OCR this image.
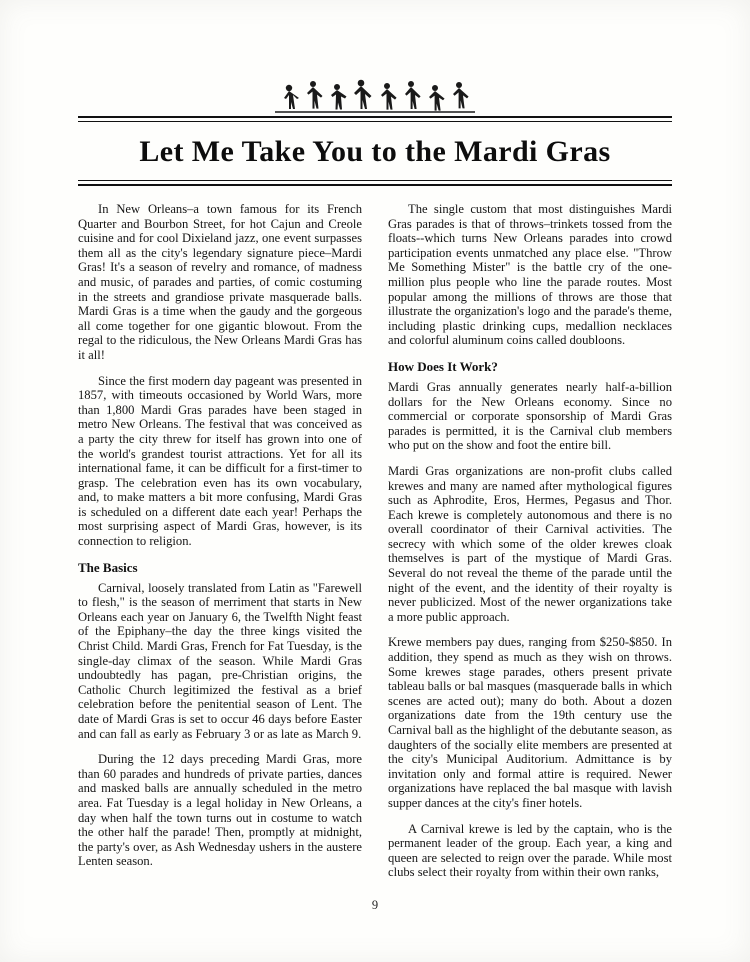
Let Me Take You to the Mardi Gras

In New Orleans–a town famous for its French Quarter and Bourbon Street, for hot Cajun and Creole cuisine and for cool Dixieland jazz, one event surpasses them all as the city's legendary signature piece–Mardi Gras! It's a season of revelry and romance, of madness and music, of parades and parties, of comic costuming in the streets and grandiose private masquerade balls. Mardi Gras is a time when the gaudy and the gorgeous all come together for one gigantic blowout. From the regal to the ridiculous, the New Orleans Mardi Gras has it all!

Since the first modern day pageant was presented in 1857, with timeouts occasioned by World Wars, more than 1,800 Mardi Gras parades have been staged in metro New Orleans. The festival that was conceived as a party the city threw for itself has grown into one of the world's grandest tourist attractions. Yet for all its international fame, it can be difficult for a first-timer to grasp. The celebration even has its own vocabulary, and, to make matters a bit more confusing, Mardi Gras is scheduled on a different date each year! Perhaps the most surprising aspect of Mardi Gras, however, is its connection to religion.

The Basics

Carnival, loosely translated from Latin as "Farewell to flesh," is the season of merriment that starts in New Orleans each year on January 6, the Twelfth Night feast of the Epiphany–the day the three kings visited the Christ Child. Mardi Gras, French for Fat Tuesday, is the single-day climax of the season. While Mardi Gras undoubtedly has pagan, pre-Christian origins, the Catholic Church legitimized the festival as a brief celebration before the penitential season of Lent. The date of Mardi Gras is set to occur 46 days before Easter and can fall as early as February 3 or as late as March 9.

During the 12 days preceding Mardi Gras, more than 60 parades and hundreds of private parties, dances and masked balls are annually scheduled in the metro area. Fat Tuesday is a legal holiday in New Orleans, a day when half the town turns out in costume to watch the other half the parade! Then, promptly at midnight, the party's over, as Ash Wednesday ushers in the austere Lenten season.

The single custom that most distinguishes Mardi Gras parades is that of throws–trinkets tossed from the floats--which turns New Orleans parades into crowd participation events unmatched any place else. "Throw Me Something Mister" is the battle cry of the one-million plus people who line the parade routes. Most popular among the millions of throws are those that illustrate the organization's logo and the parade's theme, including plastic drinking cups, medallion necklaces and colorful aluminum coins called doubloons.

How Does It Work?

Mardi Gras annually generates nearly half-a-billion dollars for the New Orleans economy. Since no commercial or corporate sponsorship of Mardi Gras parades is permitted, it is the Carnival club members who put on the show and foot the entire bill.

Mardi Gras organizations are non-profit clubs called krewes and many are named after mythological figures such as Aphrodite, Eros, Hermes, Pegasus and Thor. Each krewe is completely autonomous and there is no overall coordinator of their Carnival activities. The secrecy with which some of the older krewes cloak themselves is part of the mystique of Mardi Gras. Several do not reveal the theme of the parade until the night of the event, and the identity of their royalty is never publicized. Most of the newer organizations take a more public approach.

Krewe members pay dues, ranging from $250-$850. In addition, they spend as much as they wish on throws. Some krewes stage parades, others present private tableau balls or bal masques (masquerade balls in which scenes are acted out); many do both. About a dozen organizations date from the 19th century use the Carnival ball as the highlight of the debutante season, as daughters of the socially elite members are presented at the city's Municipal Auditorium. Admittance is by invitation only and formal attire is required. Newer organizations have replaced the bal masque with lavish supper dances at the city's finer hotels.

A Carnival krewe is led by the captain, who is the permanent leader of the group. Each year, a king and queen are selected to reign over the parade. While most clubs select their royalty from within their own ranks,

9
